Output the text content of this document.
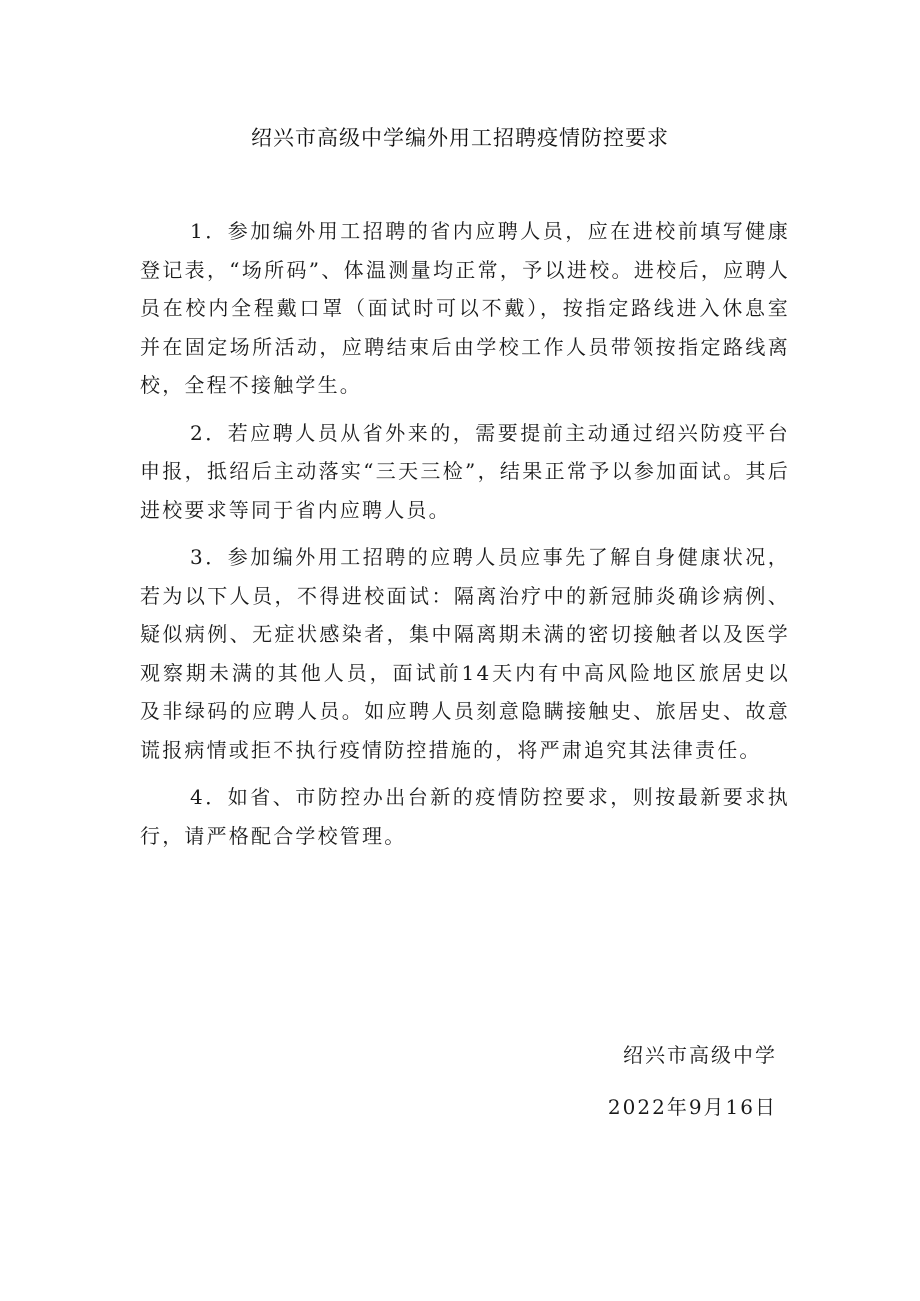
绍兴市高级中学编外用工招聘疫情防控要求

1．参加编外用工招聘的省内应聘人员，应在进校前填写健康登记表，“场所码”、体温测量均正常，予以进校。进校后，应聘人员在校内全程戴口罩（面试时可以不戴），按指定路线进入休息室并在固定场所活动，应聘结束后由学校工作人员带领按指定路线离校，全程不接触学生。

2．若应聘人员从省外来的，需要提前主动通过绍兴防疫平台申报，抵绍后主动落实“三天三检”，结果正常予以参加面试。其后进校要求等同于省内应聘人员。

3．参加编外用工招聘的应聘人员应事先了解自身健康状况，若为以下人员，不得进校面试：隔离治疗中的新冠肺炎确诊病例、疑似病例、无症状感染者，集中隔离期未满的密切接触者以及医学观察期未满的其他人员，面试前14天内有中高风险地区旅居史以及非绿码的应聘人员。如应聘人员刻意隐瞒接触史、旅居史、故意谎报病情或拒不执行疫情防控措施的，将严肃追究其法律责任。

4．如省、市防控办出台新的疫情防控要求，则按最新要求执行，请严格配合学校管理。

绍兴市高级中学

2022年9月16日
